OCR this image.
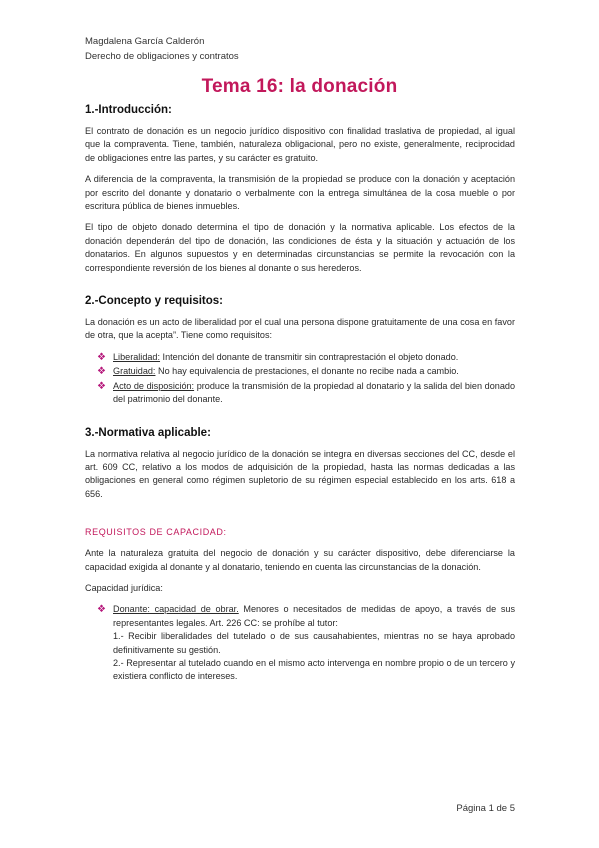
Magdalena García Calderón
Derecho de obligaciones y contratos
Tema 16: la donación
1.-Introducción:

El contrato de donación es un negocio jurídico dispositivo con finalidad traslativa de propiedad, al igual que la compraventa. Tiene, también, naturaleza obligacional, pero no existe, generalmente, reciprocidad de obligaciones entre las partes, y su carácter es gratuito.

A diferencia de la compraventa, la transmisión de la propiedad se produce con la donación y aceptación por escrito del donante y donatario o verbalmente con la entrega simultánea de la cosa mueble o por escritura pública de bienes inmuebles.

El tipo de objeto donado determina el tipo de donación y la normativa aplicable. Los efectos de la donación dependerán del tipo de donación, las condiciones de ésta y la situación y actuación de los donatarios. En algunos supuestos y en determinadas circunstancias se permite la revocación con la correspondiente reversión de los bienes al donante o sus herederos.

2.-Concepto y requisitos:

La donación es un acto de liberalidad por el cual una persona dispone gratuitamente de una cosa en favor de otra, que la acepta”. Tiene como requisitos:

❖ Liberalidad: Intención del donante de transmitir sin contraprestación el objeto donado.
❖ Gratuidad: No hay equivalencia de prestaciones, el donante no recibe nada a cambio.
❖ Acto de disposición: produce la transmisión de la propiedad al donatario y la salida del bien donado del patrimonio del donante.
3.-Normativa aplicable:

La normativa relativa al negocio jurídico de la donación se integra en diversas secciones del CC, desde el art. 609 CC, relativo a los modos de adquisición de la propiedad, hasta las normas dedicadas a las obligaciones en general como régimen supletorio de su régimen especial establecido en los arts. 618 a 656.

REQUISITOS DE CAPACIDAD:

Ante la naturaleza gratuita del negocio de donación y su carácter dispositivo, debe diferenciarse la capacidad exigida al donante y al donatario, teniendo en cuenta las circunstancias de la donación.

Capacidad jurídica:

❖ Donante: capacidad de obrar. Menores o necesitados de medidas de apoyo, a través de sus representantes legales. Art. 226 CC: se prohíbe al tutor:
1.- Recibir liberalidades del tutelado o de sus causahabientes, mientras no se haya aprobado definitivamente su gestión.
2.- Representar al tutelado cuando en el mismo acto intervenga en nombre propio o de un tercero y existiera conflicto de intereses.
Página 1 de 5
